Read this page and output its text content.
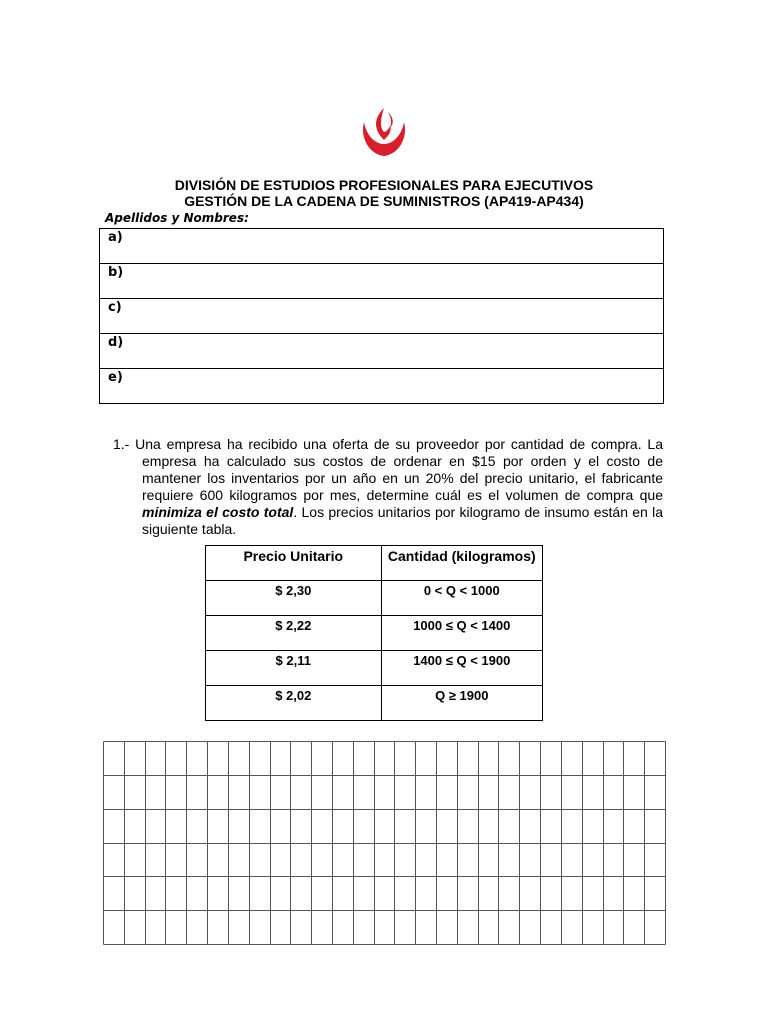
DIVISIÓN DE ESTUDIOS PROFESIONALES PARA EJECUTIVOS
GESTIÓN DE LA CADENA DE SUMINISTROS (AP419-AP434)
Apellidos y Nombres:
a)
b)
c)
d)
e)

1.- Una empresa ha recibido una oferta de su proveedor por cantidad de compra. La empresa ha calculado sus costos de ordenar en $15 por orden y el costo de mantener los inventarios por un año en un 20% del precio unitario, el fabricante requiere 600 kilogramos por mes, determine cuál es el volumen de compra que minimiza el costo total. Los precios unitarios por kilogramo de insumo están en la siguiente tabla.

Precio Unitario	Cantidad (kilogramos)
$ 2,30	0 < Q < 1000
$ 2,22	1000 ≤ Q < 1400
$ 2,11	1400 ≤ Q < 1900
$ 2,02	Q ≥ 1900
